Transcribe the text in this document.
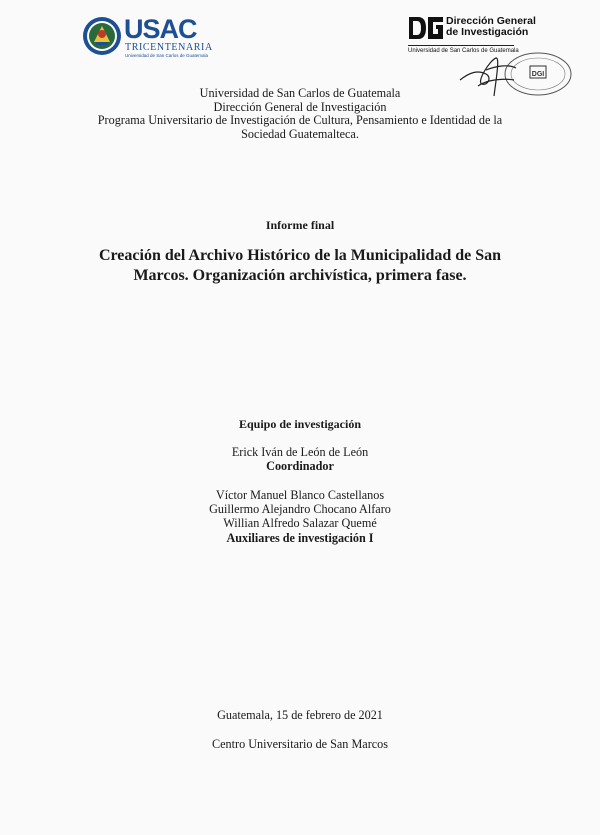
USAC
TRICENTENARIA
Universidad de San Carlos de Guatemala
Dirección General
de Investigación
Universidad de San Carlos de Guatemala
DGI
Universidad de San Carlos de Guatemala
Dirección General de Investigación
Programa Universitario de Investigación de Cultura, Pensamiento e Identidad de la Sociedad Guatemalteca.
Informe final
Creación del Archivo Histórico de la Municipalidad de San Marcos. Organización archivística, primera fase.
Equipo de investigación
Erick Iván de León de León
Coordinador
Víctor Manuel Blanco Castellanos
Guillermo Alejandro Chocano Alfaro
Willian Alfredo Salazar Quemé
Auxiliares de investigación I
Guatemala, 15 de febrero de 2021
Centro Universitario de San Marcos
